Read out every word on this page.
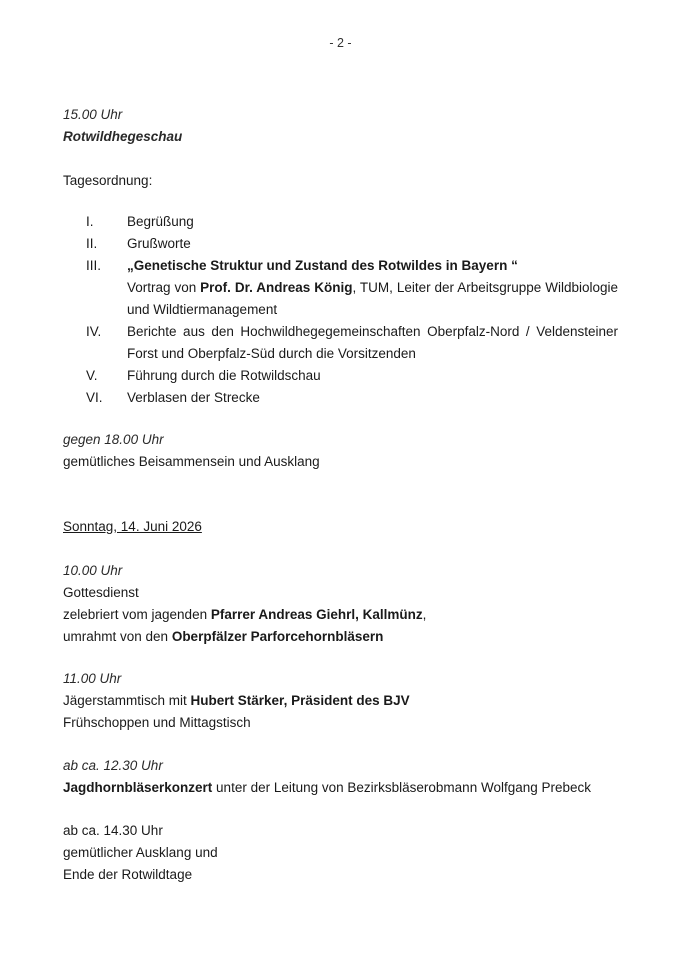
- 2 -
15.00 Uhr
Rotwildhegeschau
Tagesordnung:
I.	Begrüßung
II.	Grußworte
III.	„Genetische Struktur und Zustand des Rotwildes in Bayern “
Vortrag von Prof. Dr. Andreas König, TUM, Leiter der Arbeitsgruppe Wildbiologie und Wildtiermanagement
IV.	Berichte aus den Hochwildhegegemeinschaften Oberpfalz-Nord / Veldensteiner Forst und Oberpfalz-Süd durch die Vorsitzenden
V.	Führung durch die Rotwildschau
VI.	Verblasen der Strecke
gegen 18.00 Uhr
gemütliches Beisammensein und Ausklang
Sonntag, 14. Juni 2026
10.00 Uhr
Gottesdienst
zelebriert vom jagenden Pfarrer Andreas Giehrl, Kallmünz,
umrahmt von den Oberpfälzer Parforcehornbläsern
11.00 Uhr
Jägerstammtisch mit Hubert Stärker, Präsident des BJV
Frühschoppen und Mittagstisch
ab ca. 12.30 Uhr
Jagdhornbläserkonzert unter der Leitung von Bezirksbläserobmann Wolfgang Prebeck
ab ca. 14.30 Uhr
gemütlicher Ausklang und
Ende der Rotwildtage
